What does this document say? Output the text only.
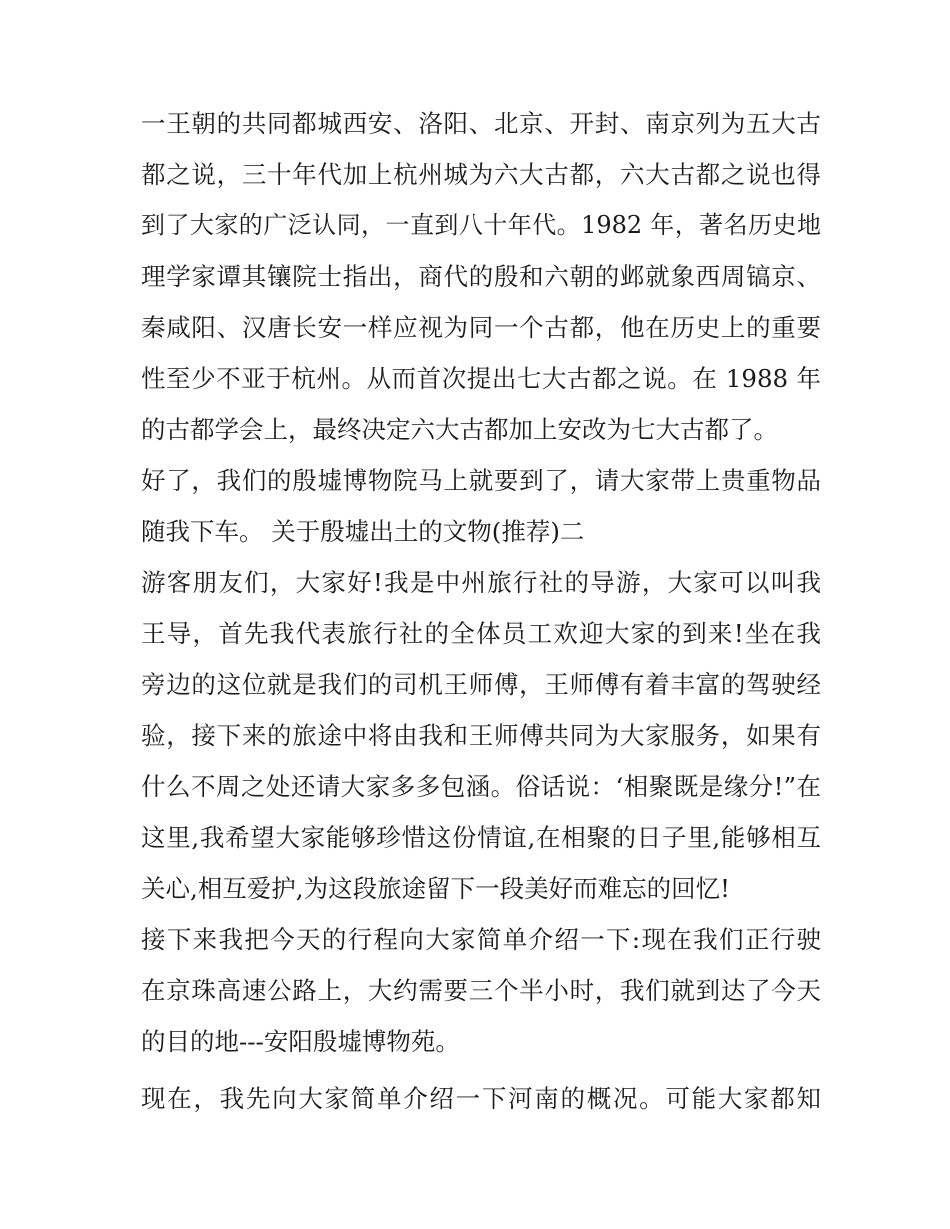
一王朝的共同都城西安、洛阳、北京、开封、南京列为五大古
都之说，三十年代加上杭州城为六大古都，六大古都之说也得
到了大家的广泛认同，一直到八十年代。1982 年，著名历史地
理学家谭其镶院士指出，商代的殷和六朝的邺就象西周镐京、
秦咸阳、汉唐长安一样应视为同一个古都，他在历史上的重要
性至少不亚于杭州。从而首次提出七大古都之说。在 1988 年
的古都学会上，最终决定六大古都加上安改为七大古都了。
好了，我们的殷墟博物院马上就要到了，请大家带上贵重物品
随我下车。 关于殷墟出土的文物(推荐)二
游客朋友们，大家好!我是中州旅行社的导游，大家可以叫我
王导，首先我代表旅行社的全体员工欢迎大家的到来!坐在我
旁边的这位就是我们的司机王师傅，王师傅有着丰富的驾驶经
验，接下来的旅途中将由我和王师傅共同为大家服务，如果有
什么不周之处还请大家多多包涵。俗话说：‘相聚既是缘分!”在
这里,我希望大家能够珍惜这份情谊,在相聚的日子里,能够相互
关心,相互爱护,为这段旅途留下一段美好而难忘的回忆!
接下来我把今天的行程向大家简单介绍一下:现在我们正行驶
在京珠高速公路上，大约需要三个半小时，我们就到达了今天
的目的地---安阳殷墟博物苑。
现在，我先向大家简单介绍一下河南的概况。可能大家都知
